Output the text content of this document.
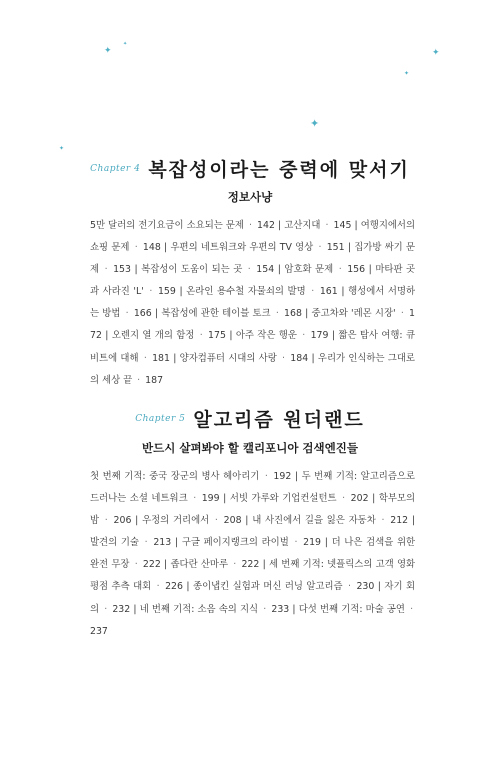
✦
✦
✦
✦
✦
✦
Chapter 4 복잡성이라는 중력에 맞서기
정보사냥
5만 달러의 전기요금이 소요되는 문제 · 142 | 고산지대 · 145 | 여행지에서의 쇼핑 문제 · 148 | 우편의 네트워크와 우편의 TV 영상 · 151 | 집가방 싸기 문제 · 153 | 복잡성이 도움이 되는 곳 · 154 | 암호화 문제 · 156 | 마타판 곳과 사라진 'L' · 159 | 온라인 용수철 자물쇠의 발명 · 161 | 행성에서 서명하는 방법 · 166 | 복잡성에 관한 테이블 토크 · 168 | 중고차와 '레몬 시장' · 172 | 오렌지 열 개의 함정 · 175 | 아주 작은 행운 · 179 | 짧은 탐사 여행: 큐비트에 대해 · 181 | 양자컴퓨터 시대의 사랑 · 184 | 우리가 인식하는 그대로의 세상 끝 · 187
Chapter 5 알고리즘 원더랜드
반드시 살펴봐야 할 캘리포니아 검색엔진들
첫 번째 기적: 중국 장군의 병사 헤아리기 · 192 | 두 번째 기적: 알고리즘으로 드러나는 소셜 네트워크 · 199 | 서빗 가루와 기업컨설턴트 · 202 | 학부모의 밤 · 206 | 우정의 거리에서 · 208 | 내 사진에서 길을 잃은 자동차 · 212 | 발견의 기술 · 213 | 구글 페이지랭크의 라이벌 · 219 | 더 나은 검색을 위한 완전 무장 · 222 | 좁다란 산마루 · 222 | 세 번째 기적: 넷플릭스의 고객 영화평점 추측 대회 · 226 | 종이냅킨 실험과 머신 러닝 알고리즘 · 230 | 자기 회의 · 232 | 네 번째 기적: 소음 속의 지식 · 233 | 다섯 번째 기적: 마술 공연 · 237
